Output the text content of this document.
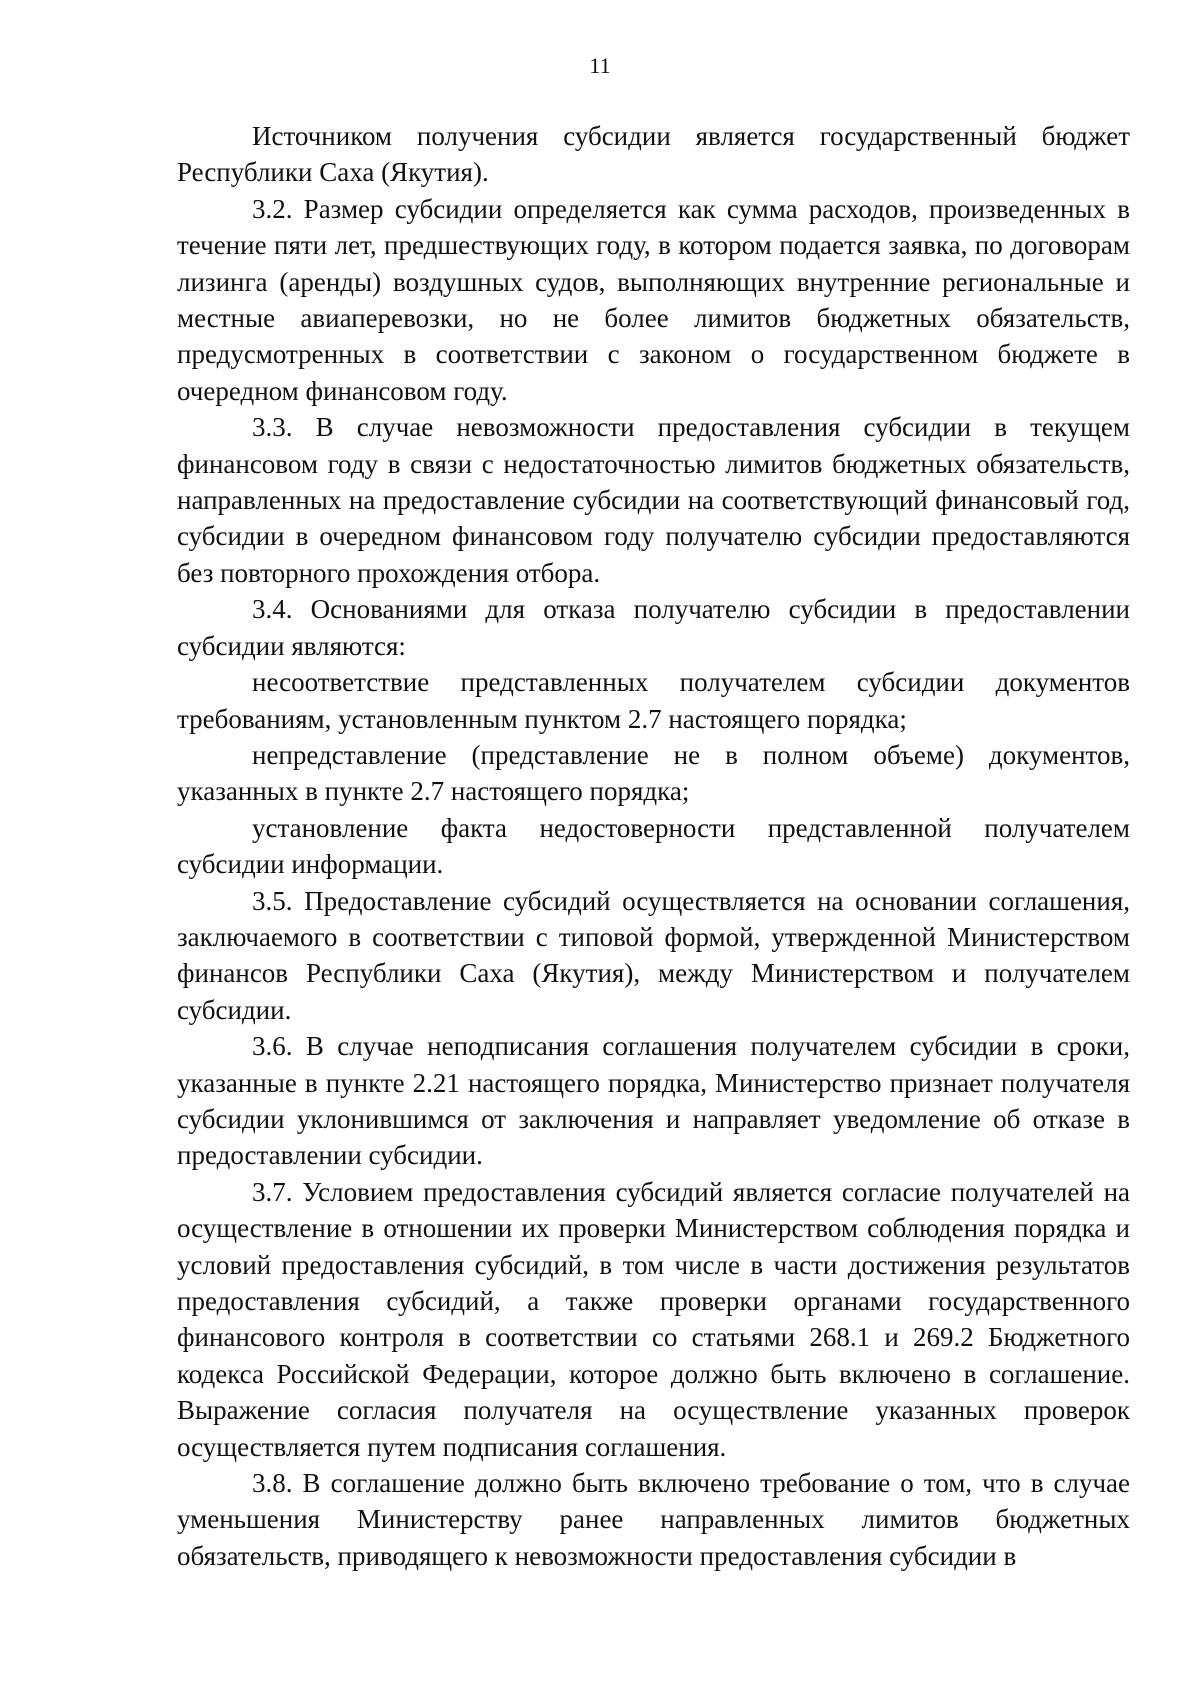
11

Источником получения субсидии является государственный бюджет Республики Саха (Якутия).

3.2. Размер субсидии определяется как сумма расходов, произведенных в течение пяти лет, предшествующих году, в котором подается заявка, по договорам лизинга (аренды) воздушных судов, выполняющих внутренние региональные и местные авиаперевозки, но не более лимитов бюджетных обязательств, предусмотренных в соответствии с законом о государственном бюджете в очередном финансовом году.

3.3. В случае невозможности предоставления субсидии в текущем финансовом году в связи с недостаточностью лимитов бюджетных обязательств, направленных на предоставление субсидии на соответствующий финансовый год, субсидии в очередном финансовом году получателю субсидии предоставляются без повторного прохождения отбора.

3.4. Основаниями для отказа получателю субсидии в предоставлении субсидии являются:

несоответствие представленных получателем субсидии документов требованиям, установленным пунктом 2.7 настоящего порядка;

непредставление (представление не в полном объеме) документов, указанных в пункте 2.7 настоящего порядка;

установление факта недостоверности представленной получателем субсидии информации.

3.5. Предоставление субсидий осуществляется на основании соглашения, заключаемого в соответствии с типовой формой, утвержденной Министерством финансов Республики Саха (Якутия), между Министерством и получателем субсидии.

3.6. В случае неподписания соглашения получателем субсидии в сроки, указанные в пункте 2.21 настоящего порядка, Министерство признает получателя субсидии уклонившимся от заключения и направляет уведомление об отказе в предоставлении субсидии.

3.7. Условием предоставления субсидий является согласие получателей на осуществление в отношении их проверки Министерством соблюдения порядка и условий предоставления субсидий, в том числе в части достижения результатов предоставления субсидий, а также проверки органами государственного финансового контроля в соответствии со статьями 268.1 и 269.2 Бюджетного кодекса Российской Федерации, которое должно быть включено в соглашение. Выражение согласия получателя на осуществление указанных проверок осуществляется путем подписания соглашения.

3.8. В соглашение должно быть включено требование о том, что в случае уменьшения Министерству ранее направленных лимитов бюджетных обязательств, приводящего к невозможности предоставления субсидии в
